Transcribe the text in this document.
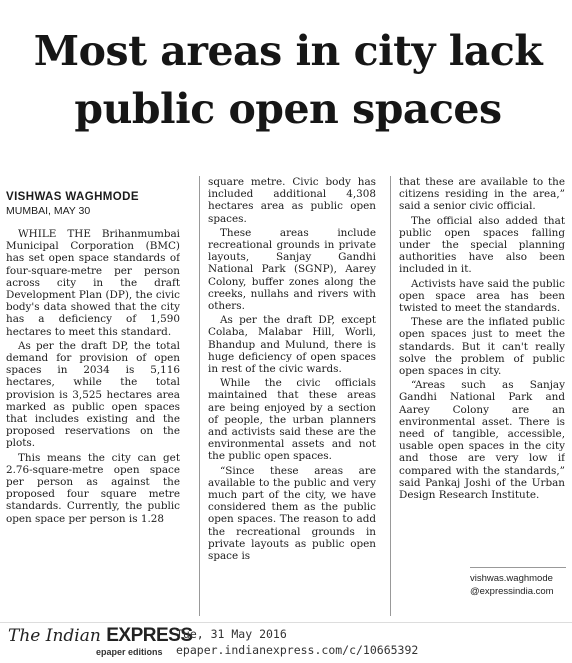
Most areas in city lack
public open spaces
VISHWAS WAGHMODE
MUMBAI, MAY 30

WHILE THE Brihanmumbai Municipal Corporation (BMC) has set open space standards of four-square-metre per person across city in the draft Development Plan (DP), the civic body's data showed that the city has a deficiency of 1,590 hectares to meet this standard.

As per the draft DP, the total demand for provision of open spaces in 2034 is 5,116 hectares, while the total provision is 3,525 hectares area marked as public open spaces that includes existing and the proposed reservations on the plots.

This means the city can get 2.76-square-metre open space per person as against the proposed four square metre standards. Currently, the public open space per person is 1.28

square metre. Civic body has included additional 4,308 hectares area as public open spaces.

These areas include recreational grounds in private layouts, Sanjay Gandhi National Park (SGNP), Aarey Colony, buffer zones along the creeks, nullahs and rivers with others.

As per the draft DP, except Colaba, Malabar Hill, Worli, Bhandup and Mulund, there is huge deficiency of open spaces in rest of the civic wards.

While the civic officials maintained that these areas are being enjoyed by a section of people, the urban planners and activists said these are the environmental assets and not the public open spaces.

“Since these areas are available to the public and very much part of the city, we have considered them as the public open spaces. The reason to add the recreational grounds in private layouts as public open space is

that these are available to the citizens residing in the area,” said a senior civic official.

The official also added that public open spaces falling under the special planning authorities have also been included in it.

Activists have said the public open space area has been twisted to meet the standards.

These are the inflated public open spaces just to meet the standards. But it can't really solve the problem of public open spaces in city.

“Areas such as Sanjay Gandhi National Park and Aarey Colony are an environmental asset. There is need of tangible, accessible, usable open spaces in the city and those are very low if compared with the standards,” said Pankaj Joshi of the Urban Design Research Institute.

vishwas.waghmode
@expressindia.com
The Indian EXPRESS
epaper editions
Tue, 31 May 2016
epaper.indianexpress.com/c/10665392
